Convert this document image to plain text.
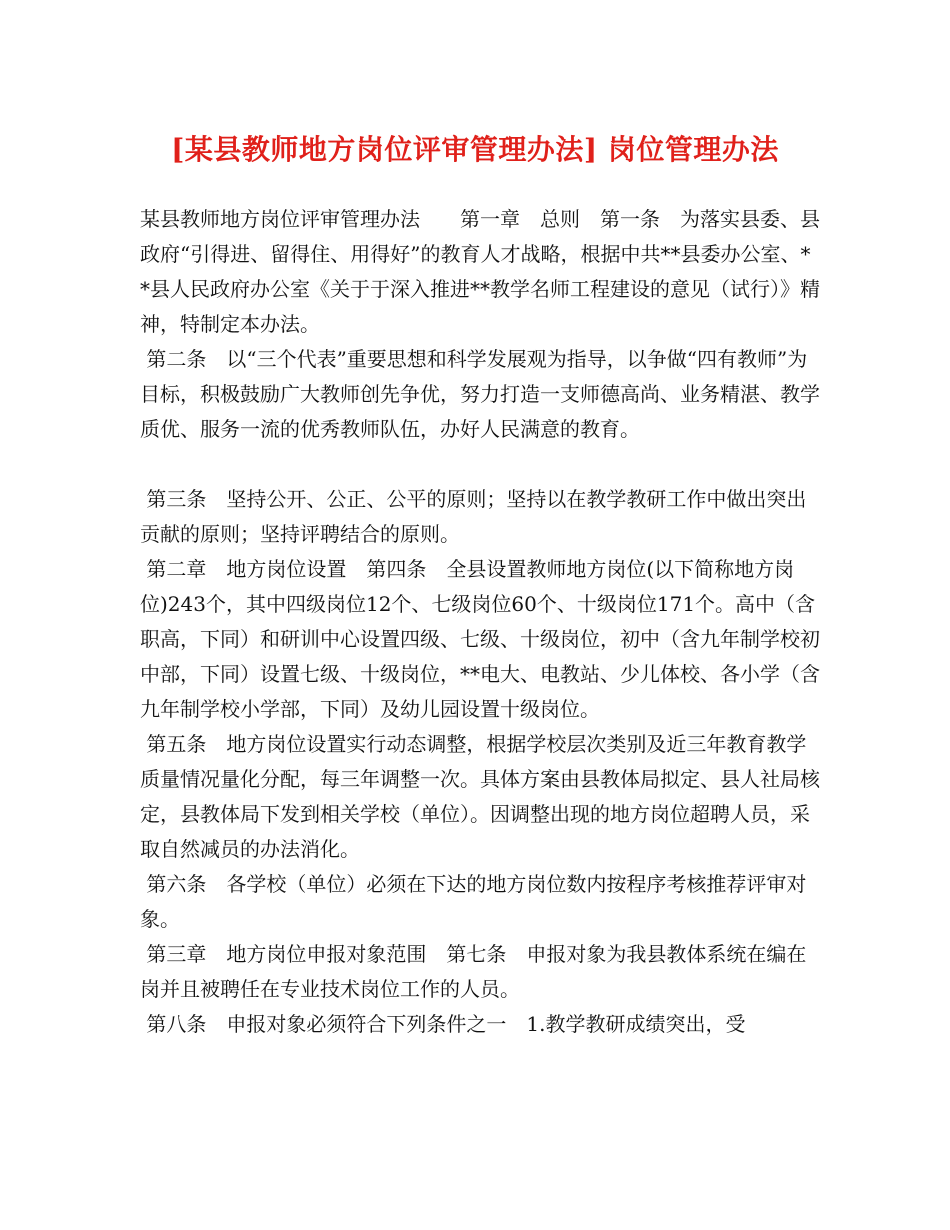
[某县教师地方岗位评审管理办法] 岗位管理办法

某县教师地方岗位评审管理办法　　第一章　总则　第一条　为落实县委、县政府“引得进、留得住、用得好”的教育人才战略，根据中共**县委办公室、**县人民政府办公室《关于于深入推进**教学名师工程建设的意见（试行）》精神，特制定本办法。

第二条　以“三个代表”重要思想和科学发展观为指导，以争做“四有教师”为目标，积极鼓励广大教师创先争优，努力打造一支师德高尚、业务精湛、教学质优、服务一流的优秀教师队伍，办好人民满意的教育。

第三条　坚持公开、公正、公平的原则；坚持以在教学教研工作中做出突出贡献的原则；坚持评聘结合的原则。

第二章　地方岗位设置　第四条　全县设置教师地方岗位(以下简称地方岗位)243个，其中四级岗位12个、七级岗位60个、十级岗位171个。高中（含职高，下同）和研训中心设置四级、七级、十级岗位，初中（含九年制学校初中部，下同）设置七级、十级岗位，**电大、电教站、少儿体校、各小学（含九年制学校小学部，下同）及幼儿园设置十级岗位。

第五条　地方岗位设置实行动态调整，根据学校层次类别及近三年教育教学质量情况量化分配，每三年调整一次。具体方案由县教体局拟定、县人社局核定，县教体局下发到相关学校（单位）。因调整出现的地方岗位超聘人员，采取自然减员的办法消化。

第六条　各学校（单位）必须在下达的地方岗位数内按程序考核推荐评审对象。

第三章　地方岗位申报对象范围　第七条　申报对象为我县教体系统在编在岗并且被聘任在专业技术岗位工作的人员。

第八条　申报对象必须符合下列条件之一　1.教学教研成绩突出，受
